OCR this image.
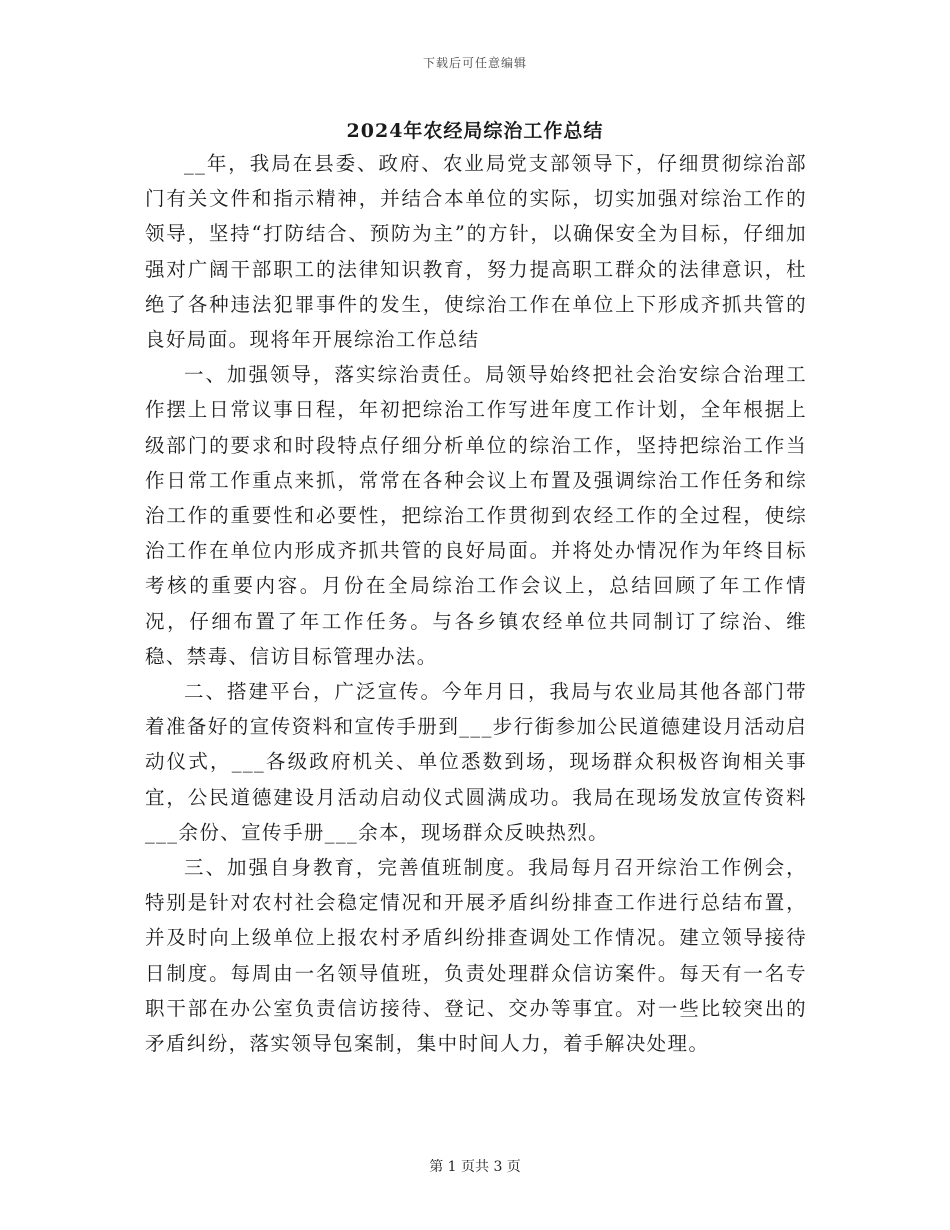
下载后可任意编辑
2024年农经局综治工作总结

__年，我局在县委、政府、农业局党支部领导下，仔细贯彻综治部门有关文件和指示精神，并结合本单位的实际，切实加强对综治工作的领导，坚持“打防结合、预防为主”的方针，以确保安全为目标，仔细加强对广阔干部职工的法律知识教育，努力提高职工群众的法律意识，杜绝了各种违法犯罪事件的发生，使综治工作在单位上下形成齐抓共管的良好局面。现将年开展综治工作总结

一、加强领导，落实综治责任。局领导始终把社会治安综合治理工作摆上日常议事日程，年初把综治工作写进年度工作计划，全年根据上级部门的要求和时段特点仔细分析单位的综治工作，坚持把综治工作当作日常工作重点来抓，常常在各种会议上布置及强调综治工作任务和综治工作的重要性和必要性，把综治工作贯彻到农经工作的全过程，使综治工作在单位内形成齐抓共管的良好局面。并将处办情况作为年终目标考核的重要内容。月份在全局综治工作会议上，总结回顾了年工作情况，仔细布置了年工作任务。与各乡镇农经单位共同制订了综治、维稳、禁毒、信访目标管理办法。

二、搭建平台，广泛宣传。今年月日，我局与农业局其他各部门带着准备好的宣传资料和宣传手册到___步行街参加公民道德建设月活动启动仪式，___各级政府机关、单位悉数到场，现场群众积极咨询相关事宜，公民道德建设月活动启动仪式圆满成功。我局在现场发放宣传资料___余份、宣传手册___余本，现场群众反映热烈。

三、加强自身教育，完善值班制度。我局每月召开综治工作例会，特别是针对农村社会稳定情况和开展矛盾纠纷排查工作进行总结布置，并及时向上级单位上报农村矛盾纠纷排查调处工作情况。建立领导接待日制度。每周由一名领导值班，负责处理群众信访案件。每天有一名专职干部在办公室负责信访接待、登记、交办等事宜。对一些比较突出的矛盾纠纷，落实领导包案制，集中时间人力，着手解决处理。

第 1 页共 3 页
